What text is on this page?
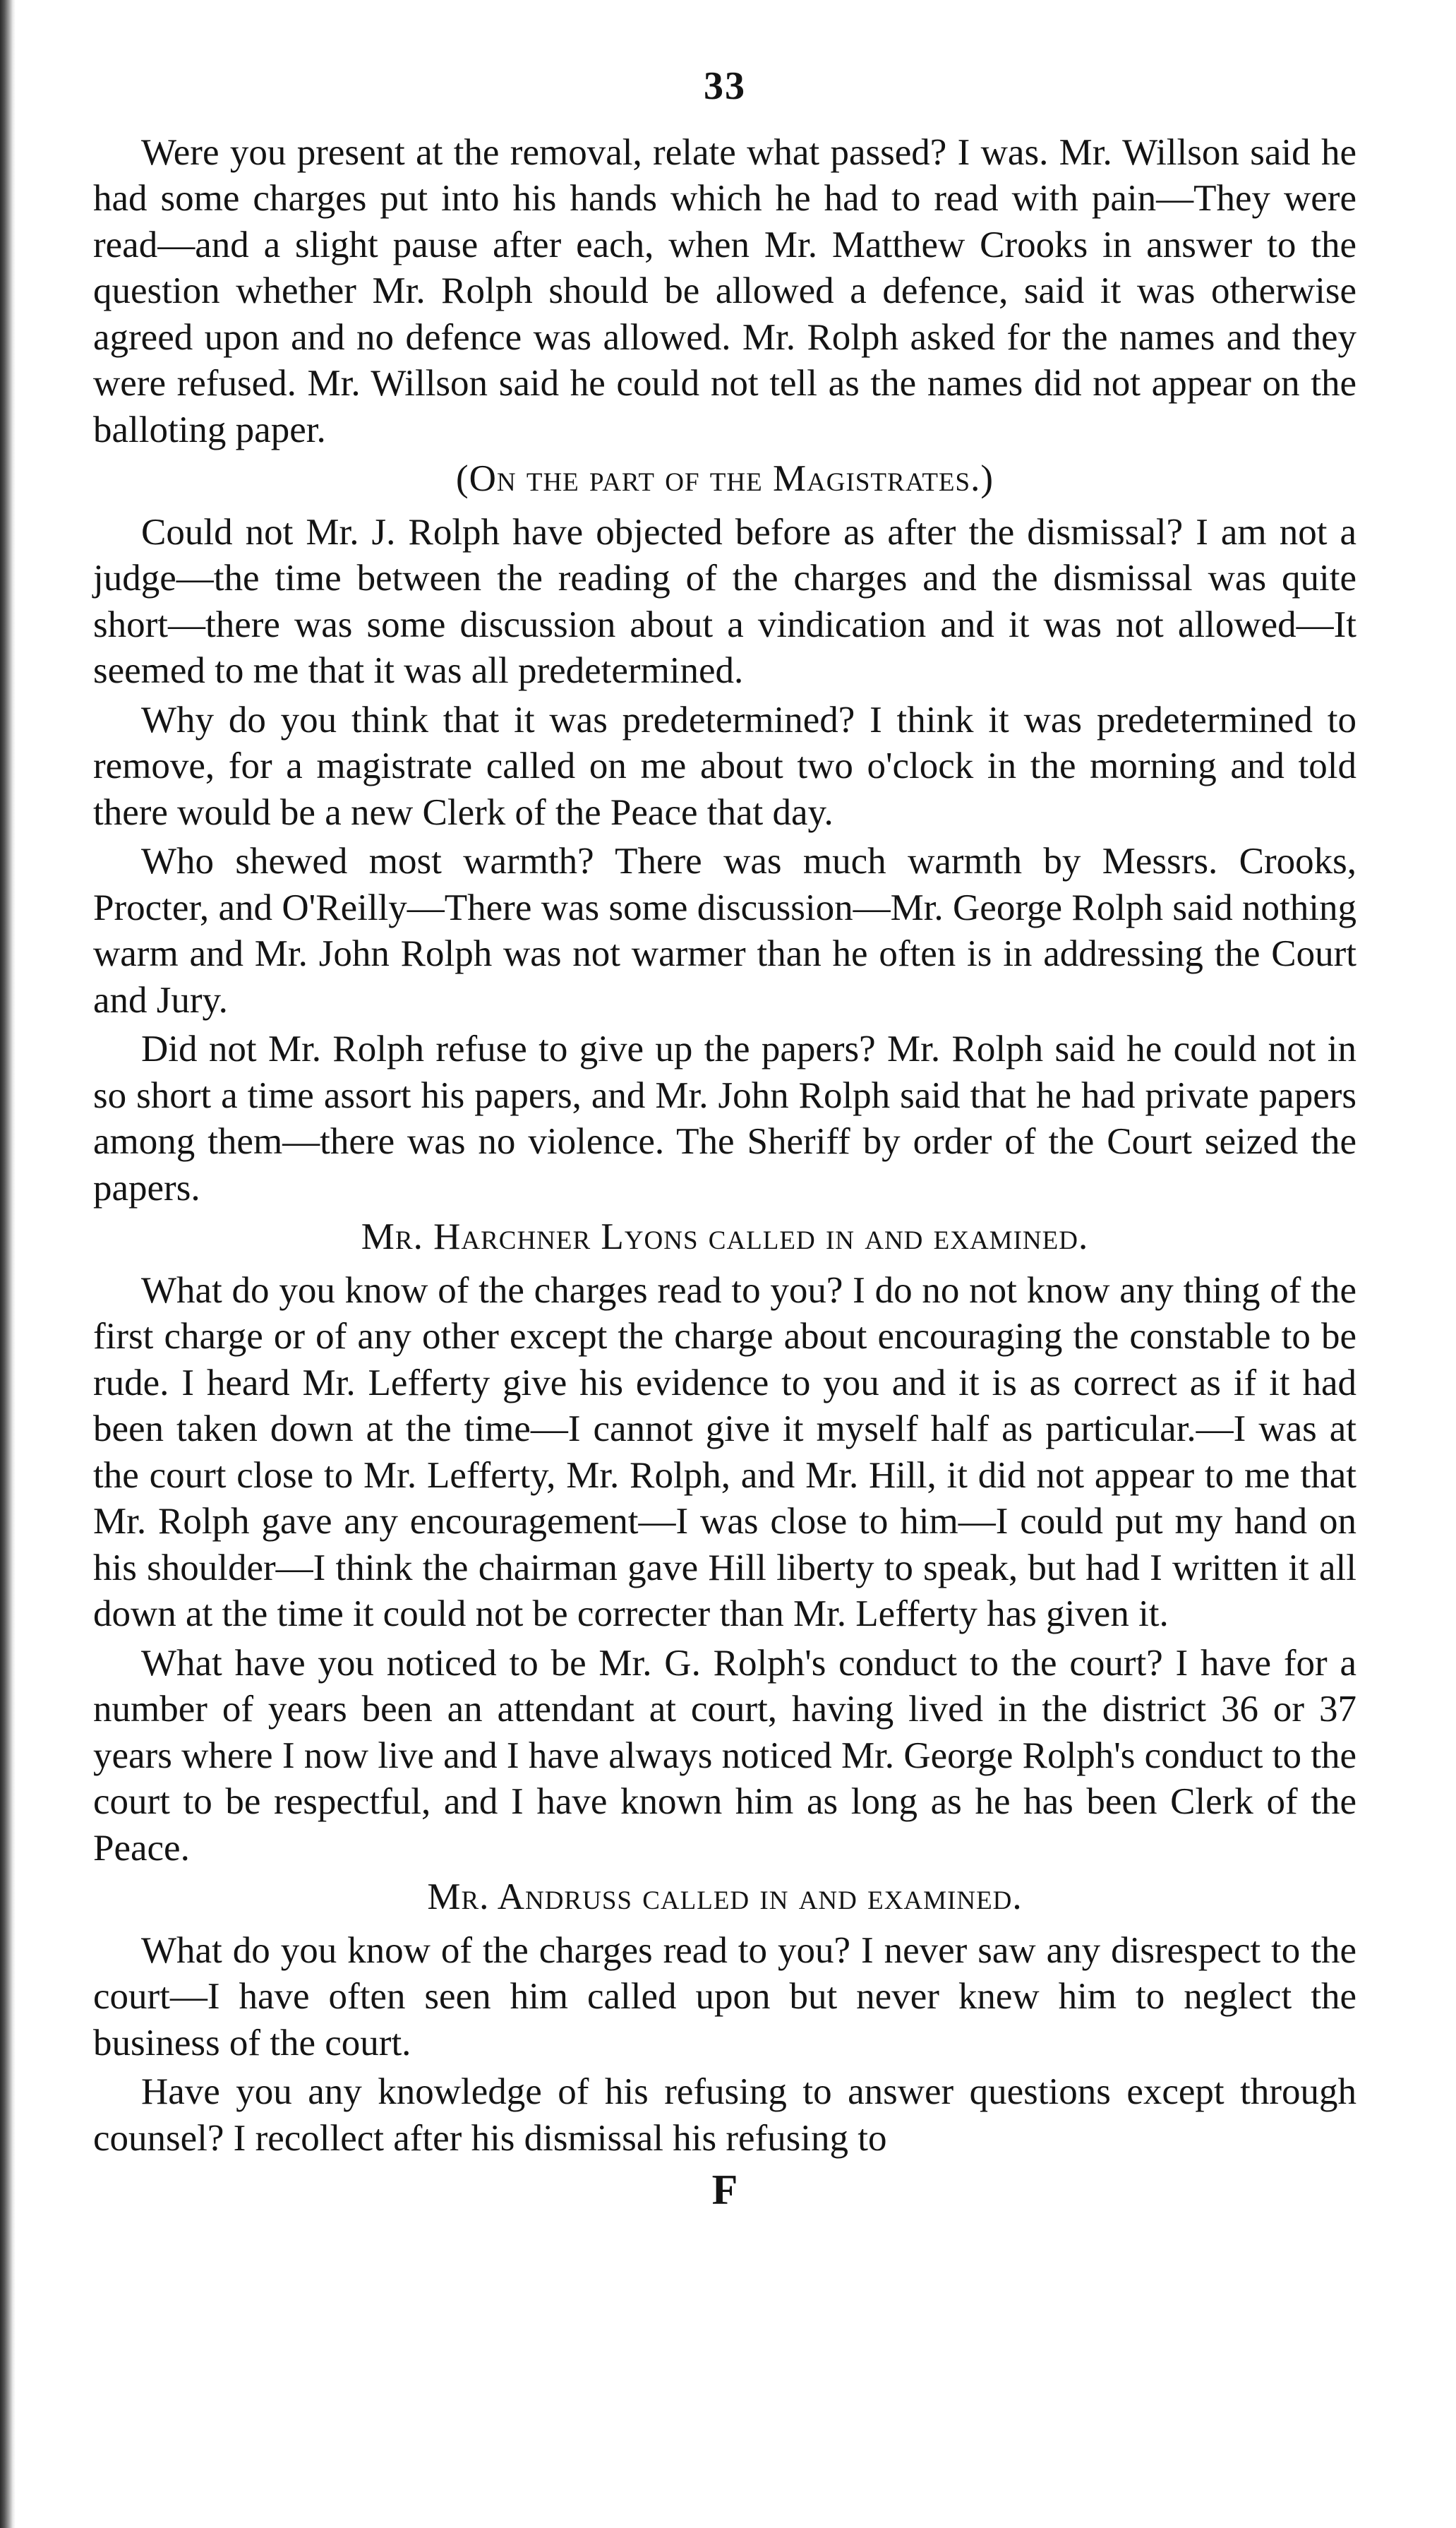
33

Were you present at the removal, relate what passed? I was. Mr. Willson said he had some charges put into his hands which he had to read with pain—They were read—and a slight pause after each, when Mr. Matthew Crooks in answer to the question whether Mr. Rolph should be allowed a defence, said it was otherwise agreed upon and no defence was allowed. Mr. Rolph asked for the names and they were refused. Mr. Willson said he could not tell as the names did not appear on the balloting paper.

(On the part of the Magistrates.)

Could not Mr. J. Rolph have objected before as after the dismissal? I am not a judge—the time between the reading of the charges and the dismissal was quite short—there was some discussion about a vindication and it was not allowed—It seemed to me that it was all predetermined.

Why do you think that it was predetermined? I think it was predetermined to remove, for a magistrate called on me about two o'clock in the morning and told there would be a new Clerk of the Peace that day.

Who shewed most warmth? There was much warmth by Messrs. Crooks, Procter, and O'Reilly—There was some discussion—Mr. George Rolph said nothing warm and Mr. John Rolph was not warmer than he often is in addressing the Court and Jury.

Did not Mr. Rolph refuse to give up the papers? Mr. Rolph said he could not in so short a time assort his papers, and Mr. John Rolph said that he had private papers among them—there was no violence. The Sheriff by order of the Court seized the papers.

Mr. Harchner Lyons called in and examined.

What do you know of the charges read to you? I do no not know any thing of the first charge or of any other except the charge about encouraging the constable to be rude. I heard Mr. Lefferty give his evidence to you and it is as correct as if it had been taken down at the time—I cannot give it myself half as particular.—I was at the court close to Mr. Lefferty, Mr. Rolph, and Mr. Hill, it did not appear to me that Mr. Rolph gave any encouragement—I was close to him—I could put my hand on his shoulder—I think the chairman gave Hill liberty to speak, but had I written it all down at the time it could not be correcter than Mr. Lefferty has given it.

What have you noticed to be Mr. G. Rolph's conduct to the court? I have for a number of years been an attendant at court, having lived in the district 36 or 37 years where I now live and I have always noticed Mr. George Rolph's conduct to the court to be respectful, and I have known him as long as he has been Clerk of the Peace.

Mr. Andruss called in and examined.

What do you know of the charges read to you? I never saw any disrespect to the court—I have often seen him called upon but never knew him to neglect the business of the court.

Have you any knowledge of his refusing to answer questions except through counsel? I recollect after his dismissal his refusing to

F
